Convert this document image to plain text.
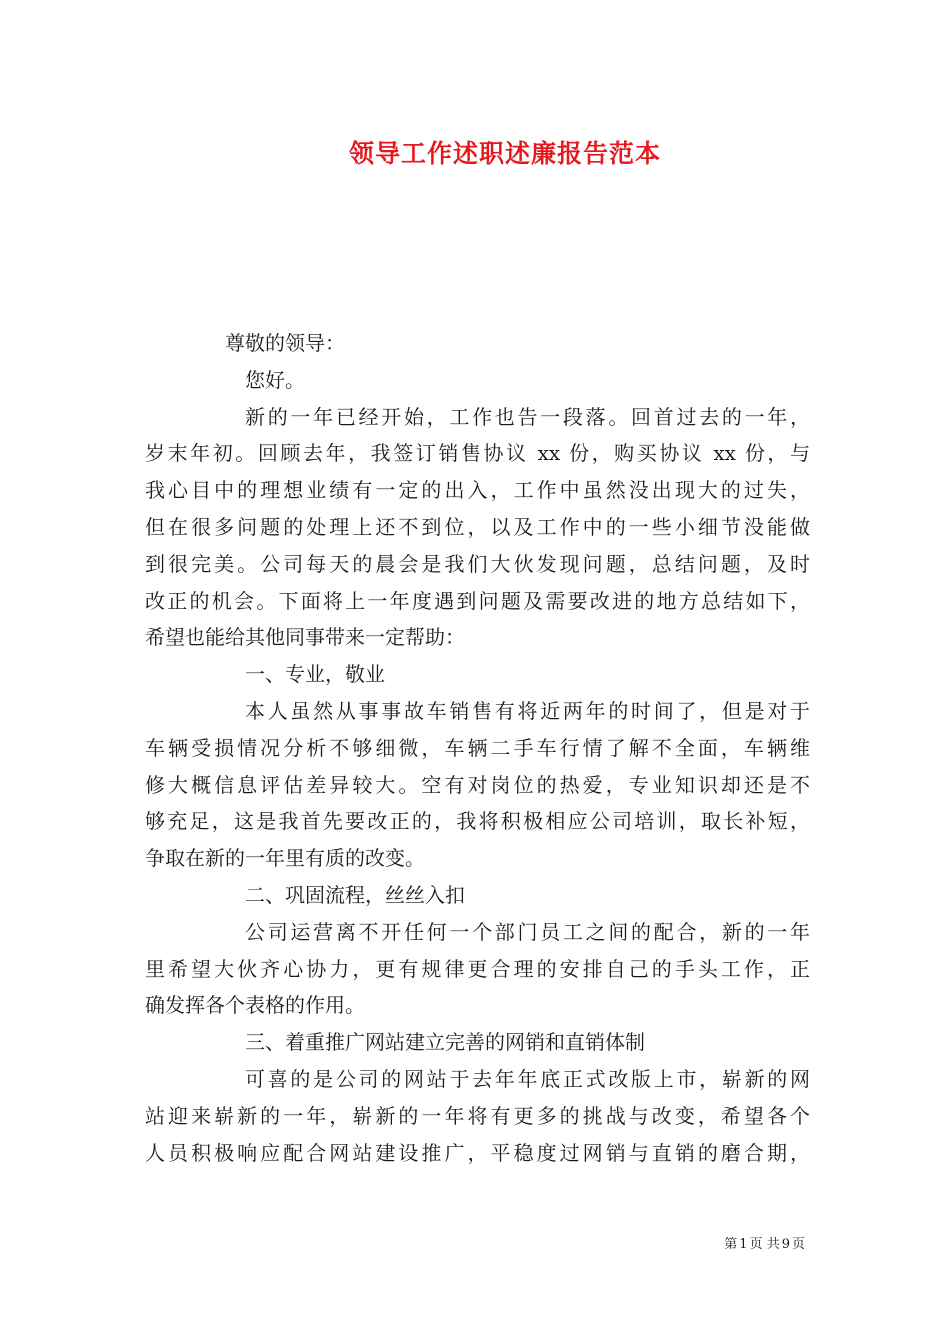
领导工作述职述廉报告范本
尊敬的领导：
您好。
新的一年已经开始，工作也告一段落。回首过去的一年，
岁末年初。回顾去年，我签订销售协议 xx 份，购买协议 xx 份，与
我心目中的理想业绩有一定的出入，工作中虽然没出现大的过失，
但在很多问题的处理上还不到位，以及工作中的一些小细节没能做
到很完美。公司每天的晨会是我们大伙发现问题，总结问题，及时
改正的机会。下面将上一年度遇到问题及需要改进的地方总结如下，
希望也能给其他同事带来一定帮助：
一、专业，敬业
本人虽然从事事故车销售有将近两年的时间了，但是对于
车辆受损情况分析不够细微，车辆二手车行情了解不全面，车辆维
修大概信息评估差异较大。空有对岗位的热爱，专业知识却还是不
够充足，这是我首先要改正的，我将积极相应公司培训，取长补短，
争取在新的一年里有质的改变。
二、巩固流程，丝丝入扣
公司运营离不开任何一个部门员工之间的配合，新的一年
里希望大伙齐心协力，更有规律更合理的安排自己的手头工作，正
确发挥各个表格的作用。
三、着重推广网站建立完善的网销和直销体制
可喜的是公司的网站于去年年底正式改版上市，崭新的网
站迎来崭新的一年，崭新的一年将有更多的挑战与改变，希望各个
人员积极响应配合网站建设推广，平稳度过网销与直销的磨合期，
第 1 页 共 9 页
